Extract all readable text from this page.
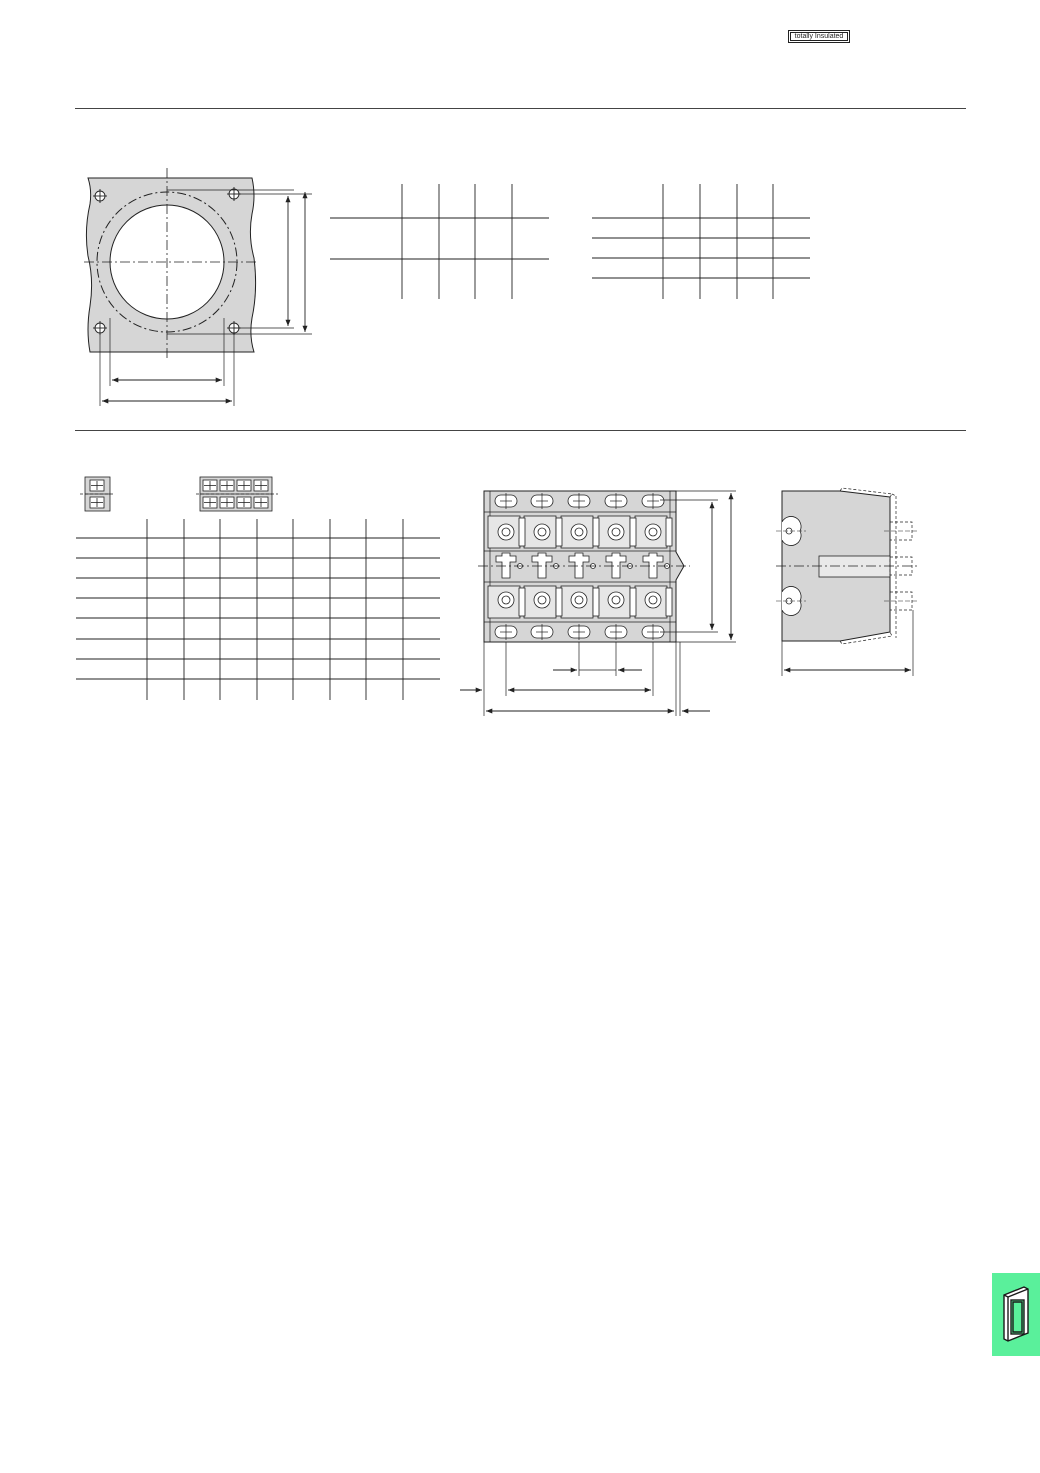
totally Insulated
